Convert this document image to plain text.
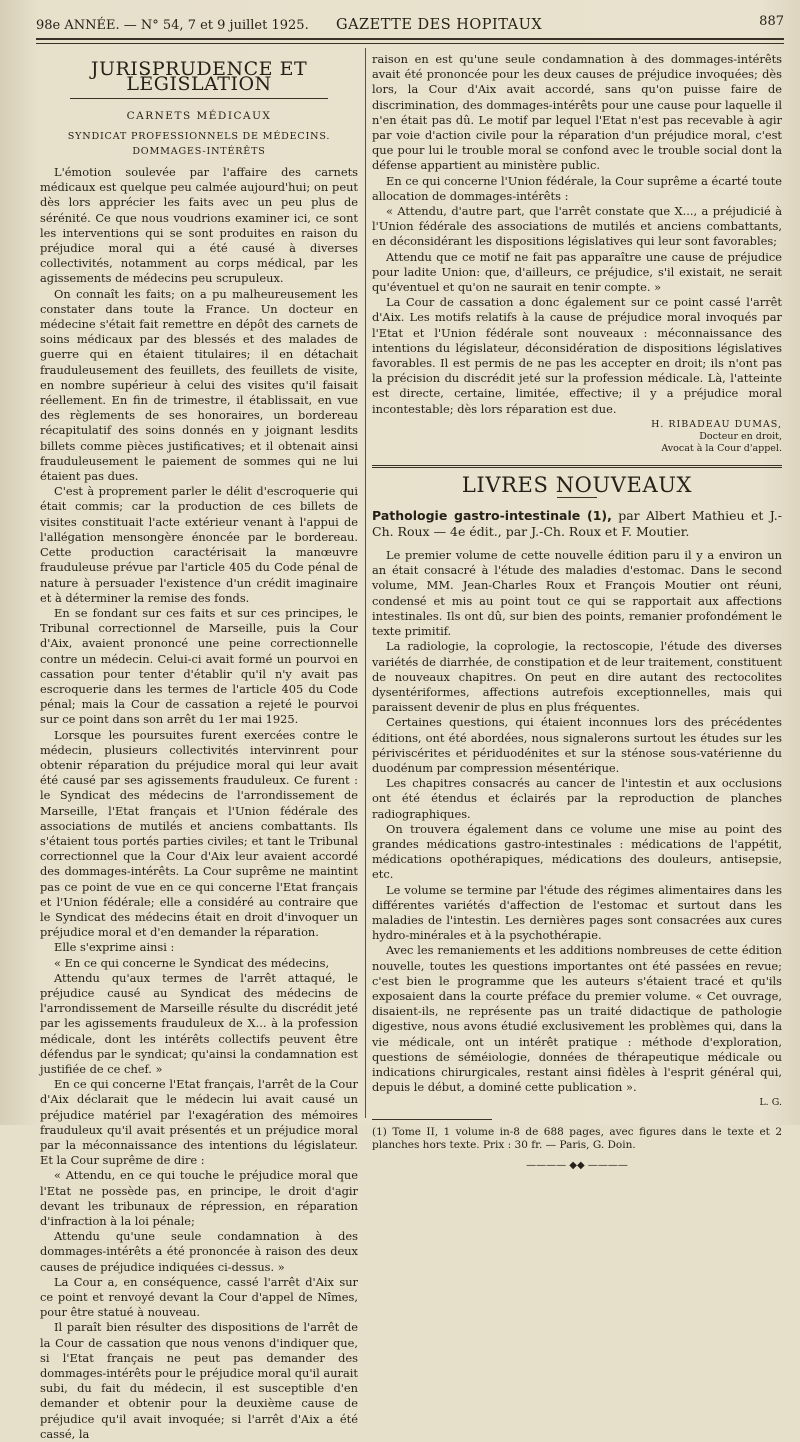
98e ANNÉE. — N° 54, 7 et 9 juillet 1925. GAZETTE DES HOPITAUX	887
JURISPRUDENCE ET LÉGISLATION
CARNETS MÉDICAUX
SYNDICAT PROFESSIONNELS DE MÉDECINS. DOMMAGES-INTÉRÊTS

L'émotion soulevée par l'affaire des carnets médicaux est quelque peu calmée aujourd'hui; on peut dès lors apprécier les faits avec un peu plus de sérénité. Ce que nous voudrions examiner ici, ce sont les interventions qui se sont produites en raison du préjudice moral qui a été causé à diverses collectivités, notamment au corps médical, par les agissements de médecins peu scrupuleux.

On connaît les faits; on a pu malheureusement les constater dans toute la France. Un docteur en médecine s'était fait remettre en dépôt des carnets de soins médicaux par des blessés et des malades de guerre qui en étaient titulaires; il en détachait frauduleusement des feuillets, des feuillets de visite, en nombre supérieur à celui des visites qu'il faisait réellement. En fin de trimestre, il établissait, en vue des règlements de ses honoraires, un bordereau récapitulatif des soins donnés en y joignant lesdits billets comme pièces justificatives; et il obtenait ainsi frauduleusement le paiement de sommes qui ne lui étaient pas dues.

C'est à proprement parler le délit d'escroquerie qui était commis; car la production de ces billets de visites constituait l'acte extérieur venant à l'appui de l'allégation mensongère énoncée par le bordereau. Cette production caractérisait la manœuvre frauduleuse prévue par l'article 405 du Code pénal de nature à persuader l'existence d'un crédit imaginaire et à déterminer la remise des fonds.

En se fondant sur ces faits et sur ces principes, le Tribunal correctionnel de Marseille, puis la Cour d'Aix, avaient prononcé une peine correctionnelle contre un médecin. Celui-ci avait formé un pourvoi en cassation pour tenter d'établir qu'il n'y avait pas escroquerie dans les termes de l'article 405 du Code pénal; mais la Cour de cassation a rejeté le pourvoi sur ce point dans son arrêt du 1er mai 1925.

Lorsque les poursuites furent exercées contre le médecin, plusieurs collectivités intervinrent pour obtenir réparation du préjudice moral qui leur avait été causé par ses agissements frauduleux. Ce furent : le Syndicat des médecins de l'arrondissement de Marseille, l'Etat français et l'Union fédérale des associations de mutilés et anciens combattants. Ils s'étaient tous portés parties civiles; et tant le Tribunal correctionnel que la Cour d'Aix leur avaient accordé des dommages-intérêts. La Cour suprême ne maintint pas ce point de vue en ce qui concerne l'Etat français et l'Union fédérale; elle a considéré au contraire que le Syndicat des médecins était en droit d'invoquer un préjudice moral et d'en demander la réparation.

Elle s'exprime ainsi :

« En ce qui concerne le Syndicat des médecins,

Attendu qu'aux termes de l'arrêt attaqué, le préjudice causé au Syndicat des médecins de l'arrondissement de Marseille résulte du discrédit jeté par les agissements frauduleux de X... à la profession médicale, dont les intérêts collectifs peuvent être défendus par le syndicat; qu'ainsi la condamnation est justifiée de ce chef. »

En ce qui concerne l'Etat français, l'arrêt de la Cour d'Aix déclarait que le médecin lui avait causé un préjudice matériel par l'exagération des mémoires frauduleux qu'il avait présentés et un préjudice moral par la méconnaissance des intentions du législateur. Et la Cour suprême de dire :

« Attendu, en ce qui touche le préjudice moral que l'Etat ne possède pas, en principe, le droit d'agir devant les tribunaux de répression, en réparation d'infraction à la loi pénale;

Attendu qu'une seule condamnation à des dommages-intérêts a été prononcée à raison des deux causes de préjudice indiquées ci-dessus. »

La Cour a, en conséquence, cassé l'arrêt d'Aix sur ce point et renvoyé devant la Cour d'appel de Nîmes, pour être statué à nouveau.

Il paraît bien résulter des dispositions de l'arrêt de la Cour de cassation que nous venons d'indiquer que, si l'Etat français ne peut pas demander des dommages-intérêts pour le préjudice moral qu'il aurait subi, du fait du médecin, il est susceptible d'en demander et obtenir pour la deuxième cause de préjudice qu'il avait invoquée; si l'arrêt d'Aix a été cassé, la

raison en est qu'une seule condamnation à des dommages-intérêts avait été prononcée pour les deux causes de préjudice invoquées; dès lors, la Cour d'Aix avait accordé, sans qu'on puisse faire de discrimination, des dommages-intérêts pour une cause pour laquelle il n'en était pas dû. Le motif par lequel l'Etat n'est pas recevable à agir par voie d'action civile pour la réparation d'un préjudice moral, c'est que pour lui le trouble moral se confond avec le trouble social dont la défense appartient au ministère public.

En ce qui concerne l'Union fédérale, la Cour suprême a écarté toute allocation de dommages-intérêts :

« Attendu, d'autre part, que l'arrêt constate que X..., a préjudicié à l'Union fédérale des associations de mutilés et anciens combattants, en déconsidérant les dispositions législatives qui leur sont favorables;

Attendu que ce motif ne fait pas apparaître une cause de préjudice pour ladite Union: que, d'ailleurs, ce préjudice, s'il existait, ne serait qu'éventuel et qu'on ne saurait en tenir compte. »

La Cour de cassation a donc également sur ce point cassé l'arrêt d'Aix. Les motifs relatifs à la cause de préjudice moral invoqués par l'Etat et l'Union fédérale sont nouveaux : méconnaissance des intentions du législateur, déconsidération de dispositions législatives favorables. Il est permis de ne pas les accepter en droit; ils n'ont pas la précision du discrédit jeté sur la profession médicale. Là, l'atteinte est directe, certaine, limitée, effective; il y a préjudice moral incontestable; dès lors réparation est due.

H. RIBADEAU DUMAS,
Docteur en droit,
Avocat à la Cour d'appel.
LIVRES NOUVEAUX

Pathologie gastro-intestinale (1), par Albert Mathieu et J.-Ch. Roux — 4e édit., par J.-Ch. Roux et F. Moutier.

Le premier volume de cette nouvelle édition paru il y a environ un an était consacré à l'étude des maladies d'estomac. Dans le second volume, MM. Jean-Charles Roux et François Moutier ont réuni, condensé et mis au point tout ce qui se rapportait aux affections intestinales. Ils ont dû, sur bien des points, remanier profondément le texte primitif.

La radiologie, la coprologie, la rectoscopie, l'étude des diverses variétés de diarrhée, de constipation et de leur traitement, constituent de nouveaux chapitres. On peut en dire autant des rectocolites dysentériformes, affections autrefois exceptionnelles, mais qui paraissent devenir de plus en plus fréquentes.

Certaines questions, qui étaient inconnues lors des précédentes éditions, ont été abordées, nous signalerons surtout les études sur les périviscérites et périduodénites et sur la sténose sous-vatérienne du duodénum par compression mésentérique.

Les chapitres consacrés au cancer de l'intestin et aux occlusions ont été étendus et éclairés par la reproduction de planches radiographiques.

On trouvera également dans ce volume une mise au point des grandes médications gastro-intestinales : médications de l'appétit, médications opothérapiques, médications des douleurs, antisepsie, etc.

Le volume se termine par l'étude des régimes alimentaires dans les différentes variétés d'affection de l'estomac et surtout dans les maladies de l'intestin. Les dernières pages sont consacrées aux cures hydro-minérales et à la psychothérapie.

Avec les remaniements et les additions nombreuses de cette édition nouvelle, toutes les questions importantes ont été passées en revue; c'est bien le programme que les auteurs s'étaient tracé et qu'ils exposaient dans la courte préface du premier volume. « Cet ouvrage, disaient-ils, ne représente pas un traité didactique de pathologie digestive, nous avons étudié exclusivement les problèmes qui, dans la vie médicale, ont un intérêt pratique : méthode d'exploration, questions de séméiologie, données de thérapeutique médicale ou indications chirurgicales, restant ainsi fidèles à l'esprit général qui, depuis le début, a dominé cette publication ».

L. G.

(1) Tome II, 1 volume in-8 de 688 pages, avec figures dans le texte et 2 planches hors texte. Prix : 30 fr. — Paris, G. Doin.

———— ◆◆ ————
